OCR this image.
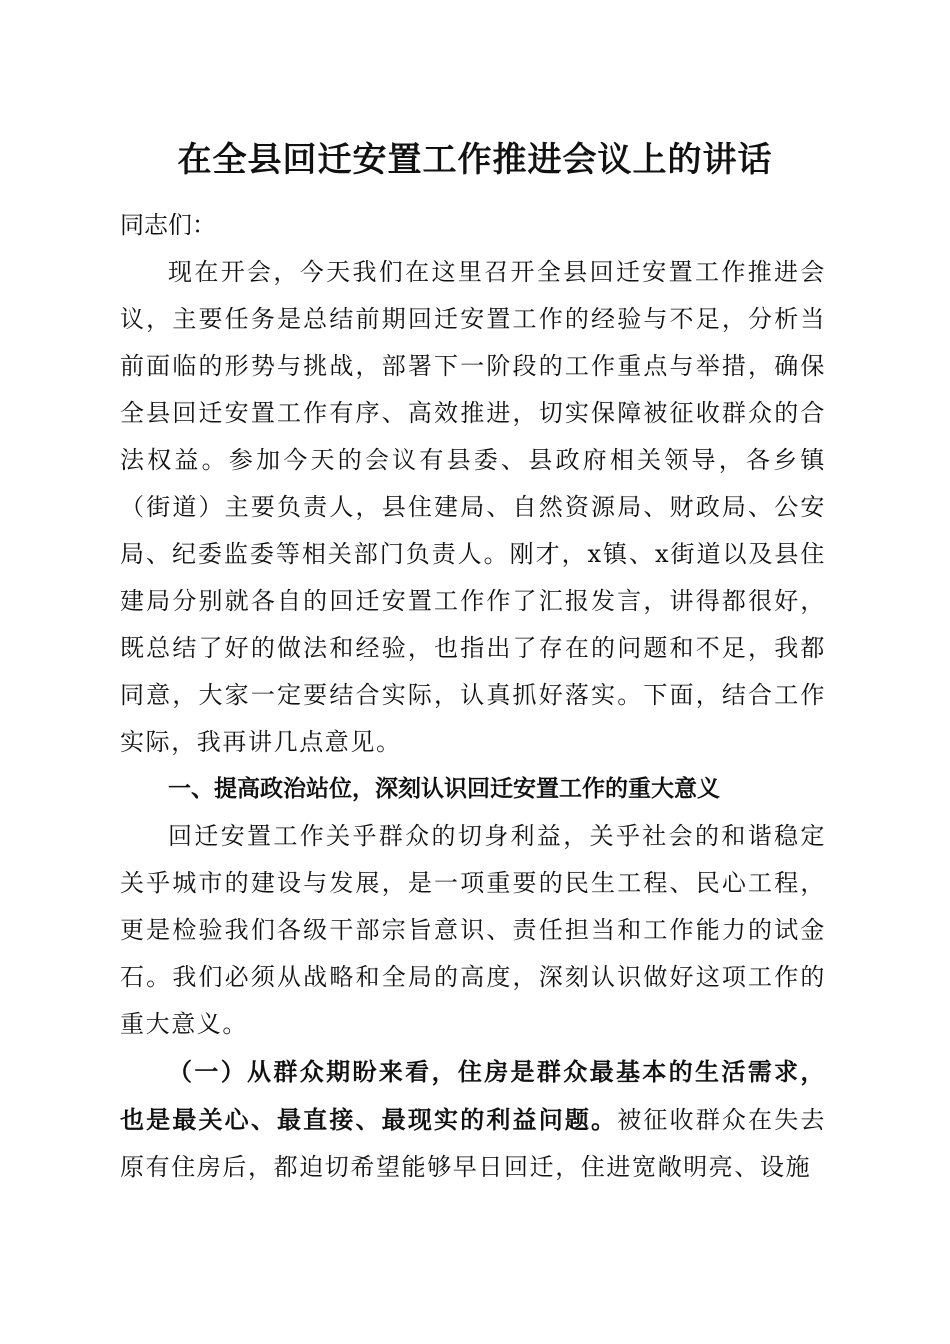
在全县回迁安置工作推进会议上的讲话

同志们：

现在开会，今天我们在这里召开全县回迁安置工作推进会议，主要任务是总结前期回迁安置工作的经验与不足，分析当前面临的形势与挑战，部署下一阶段的工作重点与举措，确保全县回迁安置工作有序、高效推进，切实保障被征收群众的合法权益。参加今天的会议有县委、县政府相关领导，各乡镇（街道）主要负责人，县住建局、自然资源局、财政局、公安局、纪委监委等相关部门负责人。刚才，x镇、x街道以及县住建局分别就各自的回迁安置工作作了汇报发言，讲得都很好，既总结了好的做法和经验，也指出了存在的问题和不足，我都同意，大家一定要结合实际，认真抓好落实。下面，结合工作实际，我再讲几点意见。

一、提高政治站位，深刻认识回迁安置工作的重大意义

回迁安置工作关乎群众的切身利益，关乎社会的和谐稳定关乎城市的建设与发展，是一项重要的民生工程、民心工程，更是检验我们各级干部宗旨意识、责任担当和工作能力的试金石。我们必须从战略和全局的高度，深刻认识做好这项工作的重大意义。

（一）从群众期盼来看，住房是群众最基本的生活需求，也是最关心、最直接、最现实的利益问题。被征收群众在失去原有住房后，都迫切希望能够早日回迁，住进宽敞明亮、设施
